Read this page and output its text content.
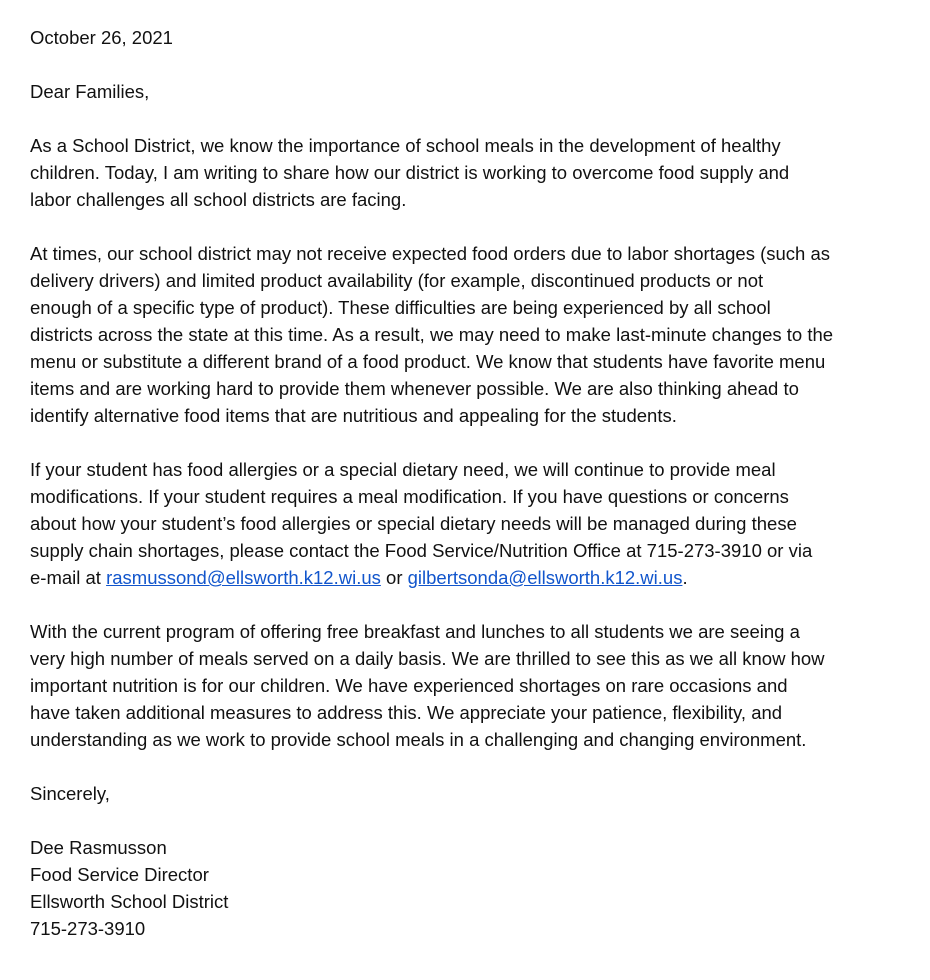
October 26, 2021
Dear Families,
As a School District, we know the importance of school meals in the development of healthy
children. Today, I am writing to share how our district is working to overcome food supply and
labor challenges all school districts are facing.
At times, our school district may not receive expected food orders due to labor shortages (such as
delivery drivers) and limited product availability (for example, discontinued products or not
enough of a specific type of product). These difficulties are being experienced by all school
districts across the state at this time. As a result, we may need to make last-minute changes to the
menu or substitute a different brand of a food product. We know that students have favorite menu
items and are working hard to provide them whenever possible. We are also thinking ahead to
identify alternative food items that are nutritious and appealing for the students.
If your student has food allergies or a special dietary need, we will continue to provide meal
modifications. If your student requires a meal modification. If you have questions or concerns
about how your student’s food allergies or special dietary needs will be managed during these
supply chain shortages, please contact the Food Service/Nutrition Office at 715-273-3910 or via
e-mail at rasmussond@ellsworth.k12.wi.us or gilbertsonda@ellsworth.k12.wi.us.
With the current program of offering free breakfast and lunches to all students we are seeing a
very high number of meals served on a daily basis. We are thrilled to see this as we all know how
important nutrition is for our children. We have experienced shortages on rare occasions and
have taken additional measures to address this. We appreciate your patience, flexibility, and
understanding as we work to provide school meals in a challenging and changing environment.
Sincerely,
Dee Rasmusson
Food Service Director
Ellsworth School District
715-273-3910
